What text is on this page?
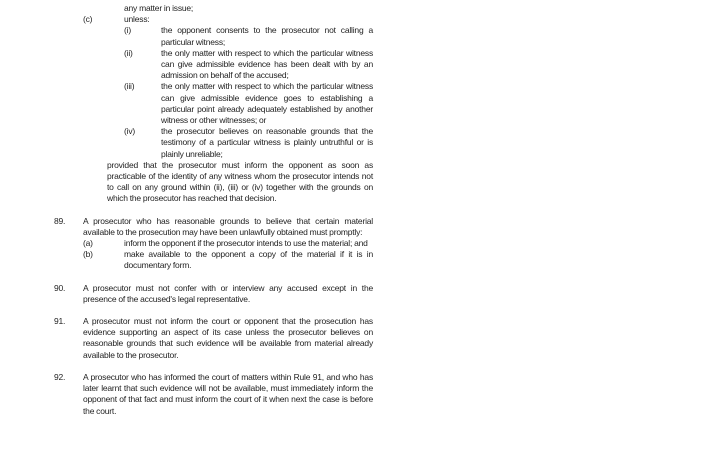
any matter in issue;
(c)	unless:
(i)	the opponent consents to the prosecutor not calling a particular witness;
(ii)	the only matter with respect to which the particular witness can give admissible evidence has been dealt with by an admission on behalf of the accused;
(iii)	the only matter with respect to which the particular witness can give admissible evidence goes to establishing a particular point already adequately established by another witness or other witnesses; or
(iv)	the prosecutor believes on reasonable grounds that the testimony of a particular witness is plainly untruthful or is plainly unreliable;
provided that the prosecutor must inform the opponent as soon as practicable of the identity of any witness whom the prosecutor intends not to call on any ground within (ii), (iii) or (iv) together with the grounds on which the prosecutor has reached that decision.
89.	A prosecutor who has reasonable grounds to believe that certain material available to the prosecution may have been unlawfully obtained must promptly:
(a)	inform the opponent if the prosecutor intends to use the material; and
(b)	make available to the opponent a copy of the material if it is in documentary form.
90.	A prosecutor must not confer with or interview any accused except in the presence of the accused's legal representative.
91.	A prosecutor must not inform the court or opponent that the prosecution has evidence supporting an aspect of its case unless the prosecutor believes on reasonable grounds that such evidence will be available from material already available to the prosecutor.
92.	A prosecutor who has informed the court of matters within Rule 91, and who has later learnt that such evidence will not be available, must immediately inform the opponent of that fact and must inform the court of it when next the case is before the court.
